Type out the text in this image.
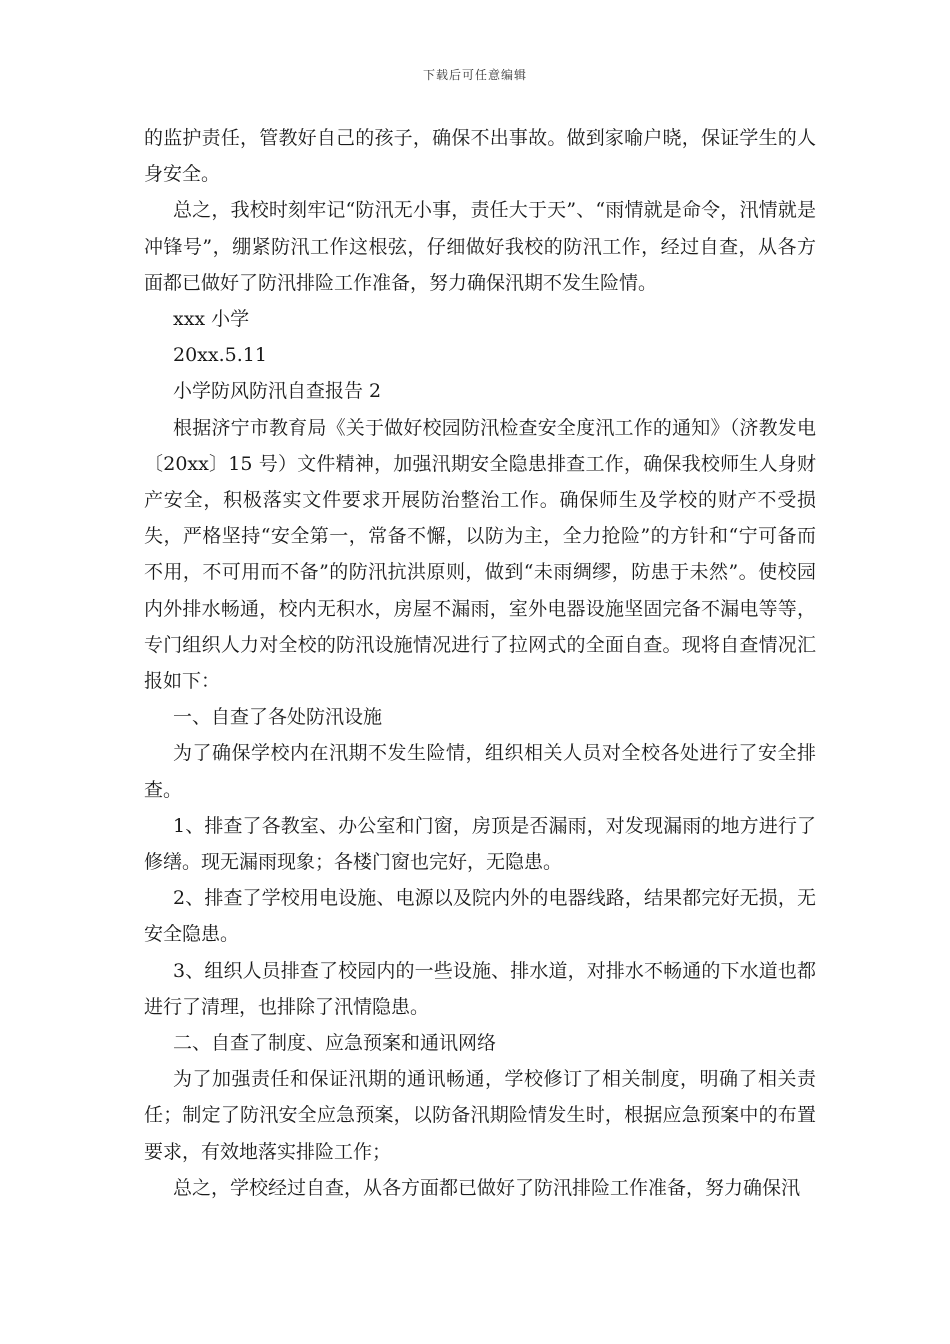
下载后可任意编辑

的监护责任，管教好自己的孩子，确保不出事故。做到家喻户晓，保证学生的人身安全。

总之，我校时刻牢记“防汛无小事，责任大于天”、“雨情就是命令，汛情就是冲锋号”，绷紧防汛工作这根弦，仔细做好我校的防汛工作，经过自查，从各方面都已做好了防汛排险工作准备，努力确保汛期不发生险情。

xxx 小学

20xx.5.11

小学防风防汛自查报告 2

根据济宁市教育局《关于做好校园防汛检查安全度汛工作的通知》（济教发电〔20xx〕15 号）文件精神，加强汛期安全隐患排查工作，确保我校师生人身财产安全，积极落实文件要求开展防治整治工作。确保师生及学校的财产不受损失，严格坚持“安全第一，常备不懈，以防为主，全力抢险”的方针和“宁可备而不用，不可用而不备”的防汛抗洪原则，做到“未雨绸缪，防患于未然”。使校园内外排水畅通，校内无积水，房屋不漏雨，室外电器设施坚固完备不漏电等等，专门组织人力对全校的防汛设施情况进行了拉网式的全面自查。现将自查情况汇报如下：

一、自查了各处防汛设施

为了确保学校内在汛期不发生险情，组织相关人员对全校各处进行了安全排查。

1、排查了各教室、办公室和门窗，房顶是否漏雨，对发现漏雨的地方进行了修缮。现无漏雨现象；各楼门窗也完好，无隐患。

2、排查了学校用电设施、电源以及院内外的电器线路，结果都完好无损，无安全隐患。

3、组织人员排查了校园内的一些设施、排水道，对排水不畅通的下水道也都进行了清理，也排除了汛情隐患。

二、自查了制度、应急预案和通讯网络

为了加强责任和保证汛期的通讯畅通，学校修订了相关制度，明确了相关责任；制定了防汛安全应急预案，以防备汛期险情发生时，根据应急预案中的布置要求，有效地落实排险工作；

总之，学校经过自查，从各方面都已做好了防汛排险工作准备，努力确保汛
